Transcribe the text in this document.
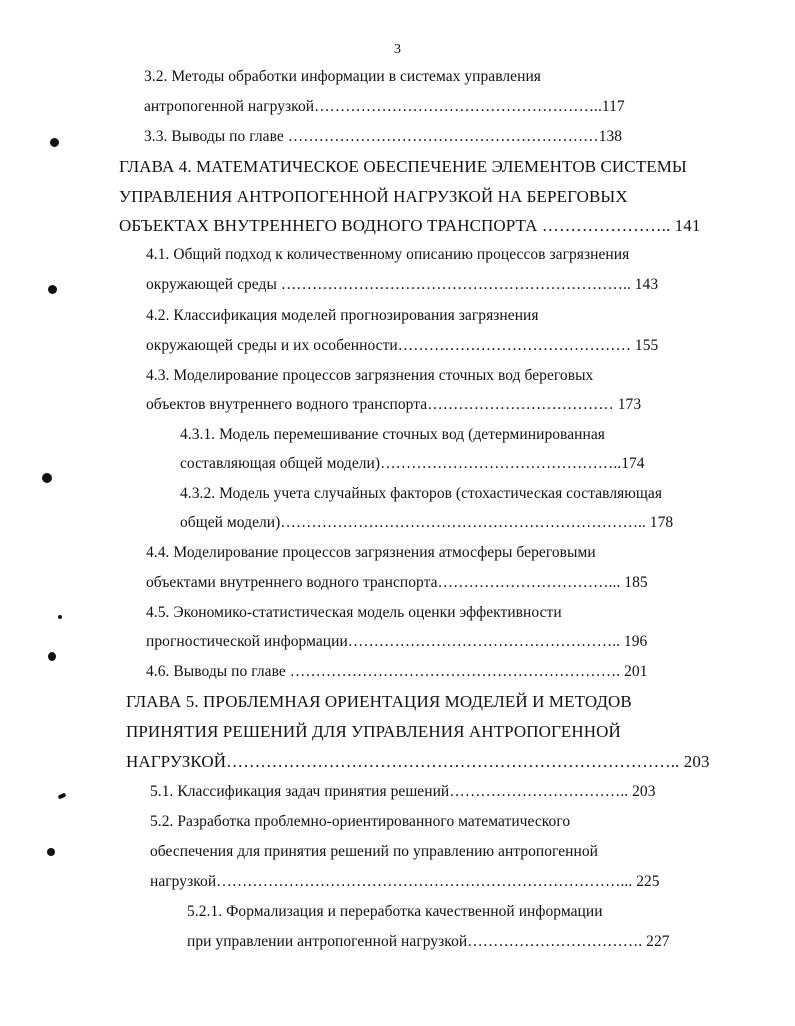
3
3.2. Методы обработки информации в системах управления
антропогенной нагрузкой………………………………………………..117
3.3. Выводы по главе ……………………………………………………138
ГЛАВА 4. МАТЕМАТИЧЕСКОЕ ОБЕСПЕЧЕНИЕ ЭЛЕМЕНТОВ СИСТЕМЫ
УПРАВЛЕНИЯ АНТРОПОГЕННОЙ НАГРУЗКОЙ НА БЕРЕГОВЫХ
ОБЪЕКТАХ ВНУТРЕННЕГО ВОДНОГО ТРАНСПОРТА ………………….. 141
4.1. Общий подход к количественному описанию процессов загрязнения
окружающей среды ………………………………………………………….. 143
4.2. Классификация моделей прогнозирования загрязнения
окружающей среды и их особенности……………………………………… 155
4.3. Моделирование процессов загрязнения сточных вод береговых
объектов внутреннего водного транспорта……………………………… 173
4.3.1. Модель перемешивание сточных вод (детерминированная
составляющая общей модели)………………………………………..174
4.3.2. Модель учета случайных факторов (стохастическая составляющая
общей модели)…………………………………………………………….. 178
4.4. Моделирование процессов загрязнения атмосферы береговыми
объектами внутреннего водного транспорта……………………………... 185
4.5. Экономико-статистическая модель оценки эффективности
прогностической информации…………………………………………….. 196
4.6. Выводы по главе ………………………………………………………. 201
ГЛАВА 5. ПРОБЛЕМНАЯ ОРИЕНТАЦИЯ МОДЕЛЕЙ И МЕТОДОВ
ПРИНЯТИЯ РЕШЕНИЙ ДЛЯ УПРАВЛЕНИЯ АНТРОПОГЕННОЙ
НАГРУЗКОЙ…………………………………………………………………….. 203
5.1. Классификация задач принятия решений…………………………….. 203
5.2. Разработка проблемно-ориентированного математического
обеспечения для принятия решений по управлению антропогенной
нагрузкой……………………………………………………………………... 225
5.2.1. Формализация и переработка качественной информации
при управлении антропогенной нагрузкой……………………………. 227
